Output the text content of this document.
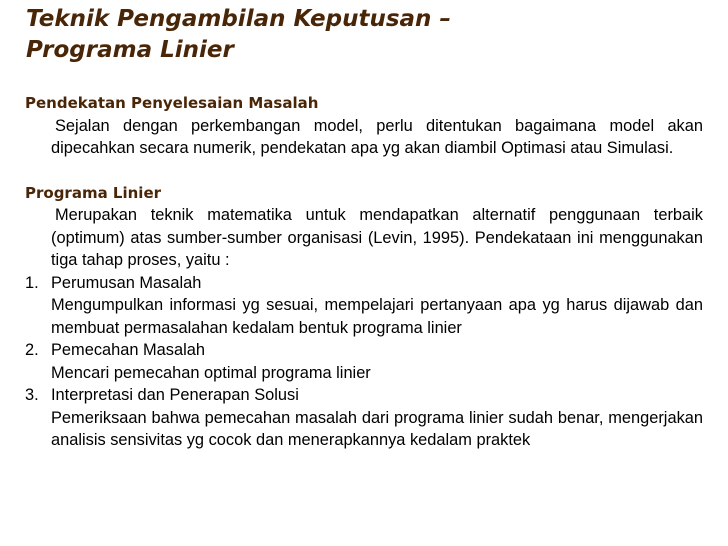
Teknik Pengambilan Keputusan –
Programa Linier
Pendekatan Penyelesaian Masalah
Sejalan dengan perkembangan model, perlu ditentukan bagaimana model akan dipecahkan secara numerik, pendekatan apa yg akan diambil Optimasi atau Simulasi.
Programa Linier
Merupakan teknik matematika untuk mendapatkan alternatif penggunaan terbaik (optimum) atas sumber-sumber organisasi (Levin, 1995). Pendekataan ini menggunakan tiga tahap proses, yaitu :
1. Perumusan Masalah
Mengumpulkan informasi yg sesuai, mempelajari pertanyaan apa yg harus dijawab dan membuat permasalahan kedalam bentuk programa linier
2. Pemecahan Masalah
Mencari pemecahan optimal programa linier
3. Interpretasi dan Penerapan Solusi
Pemeriksaan bahwa pemecahan masalah dari programa linier sudah benar, mengerjakan analisis sensivitas yg cocok dan menerapkannya kedalam praktek
